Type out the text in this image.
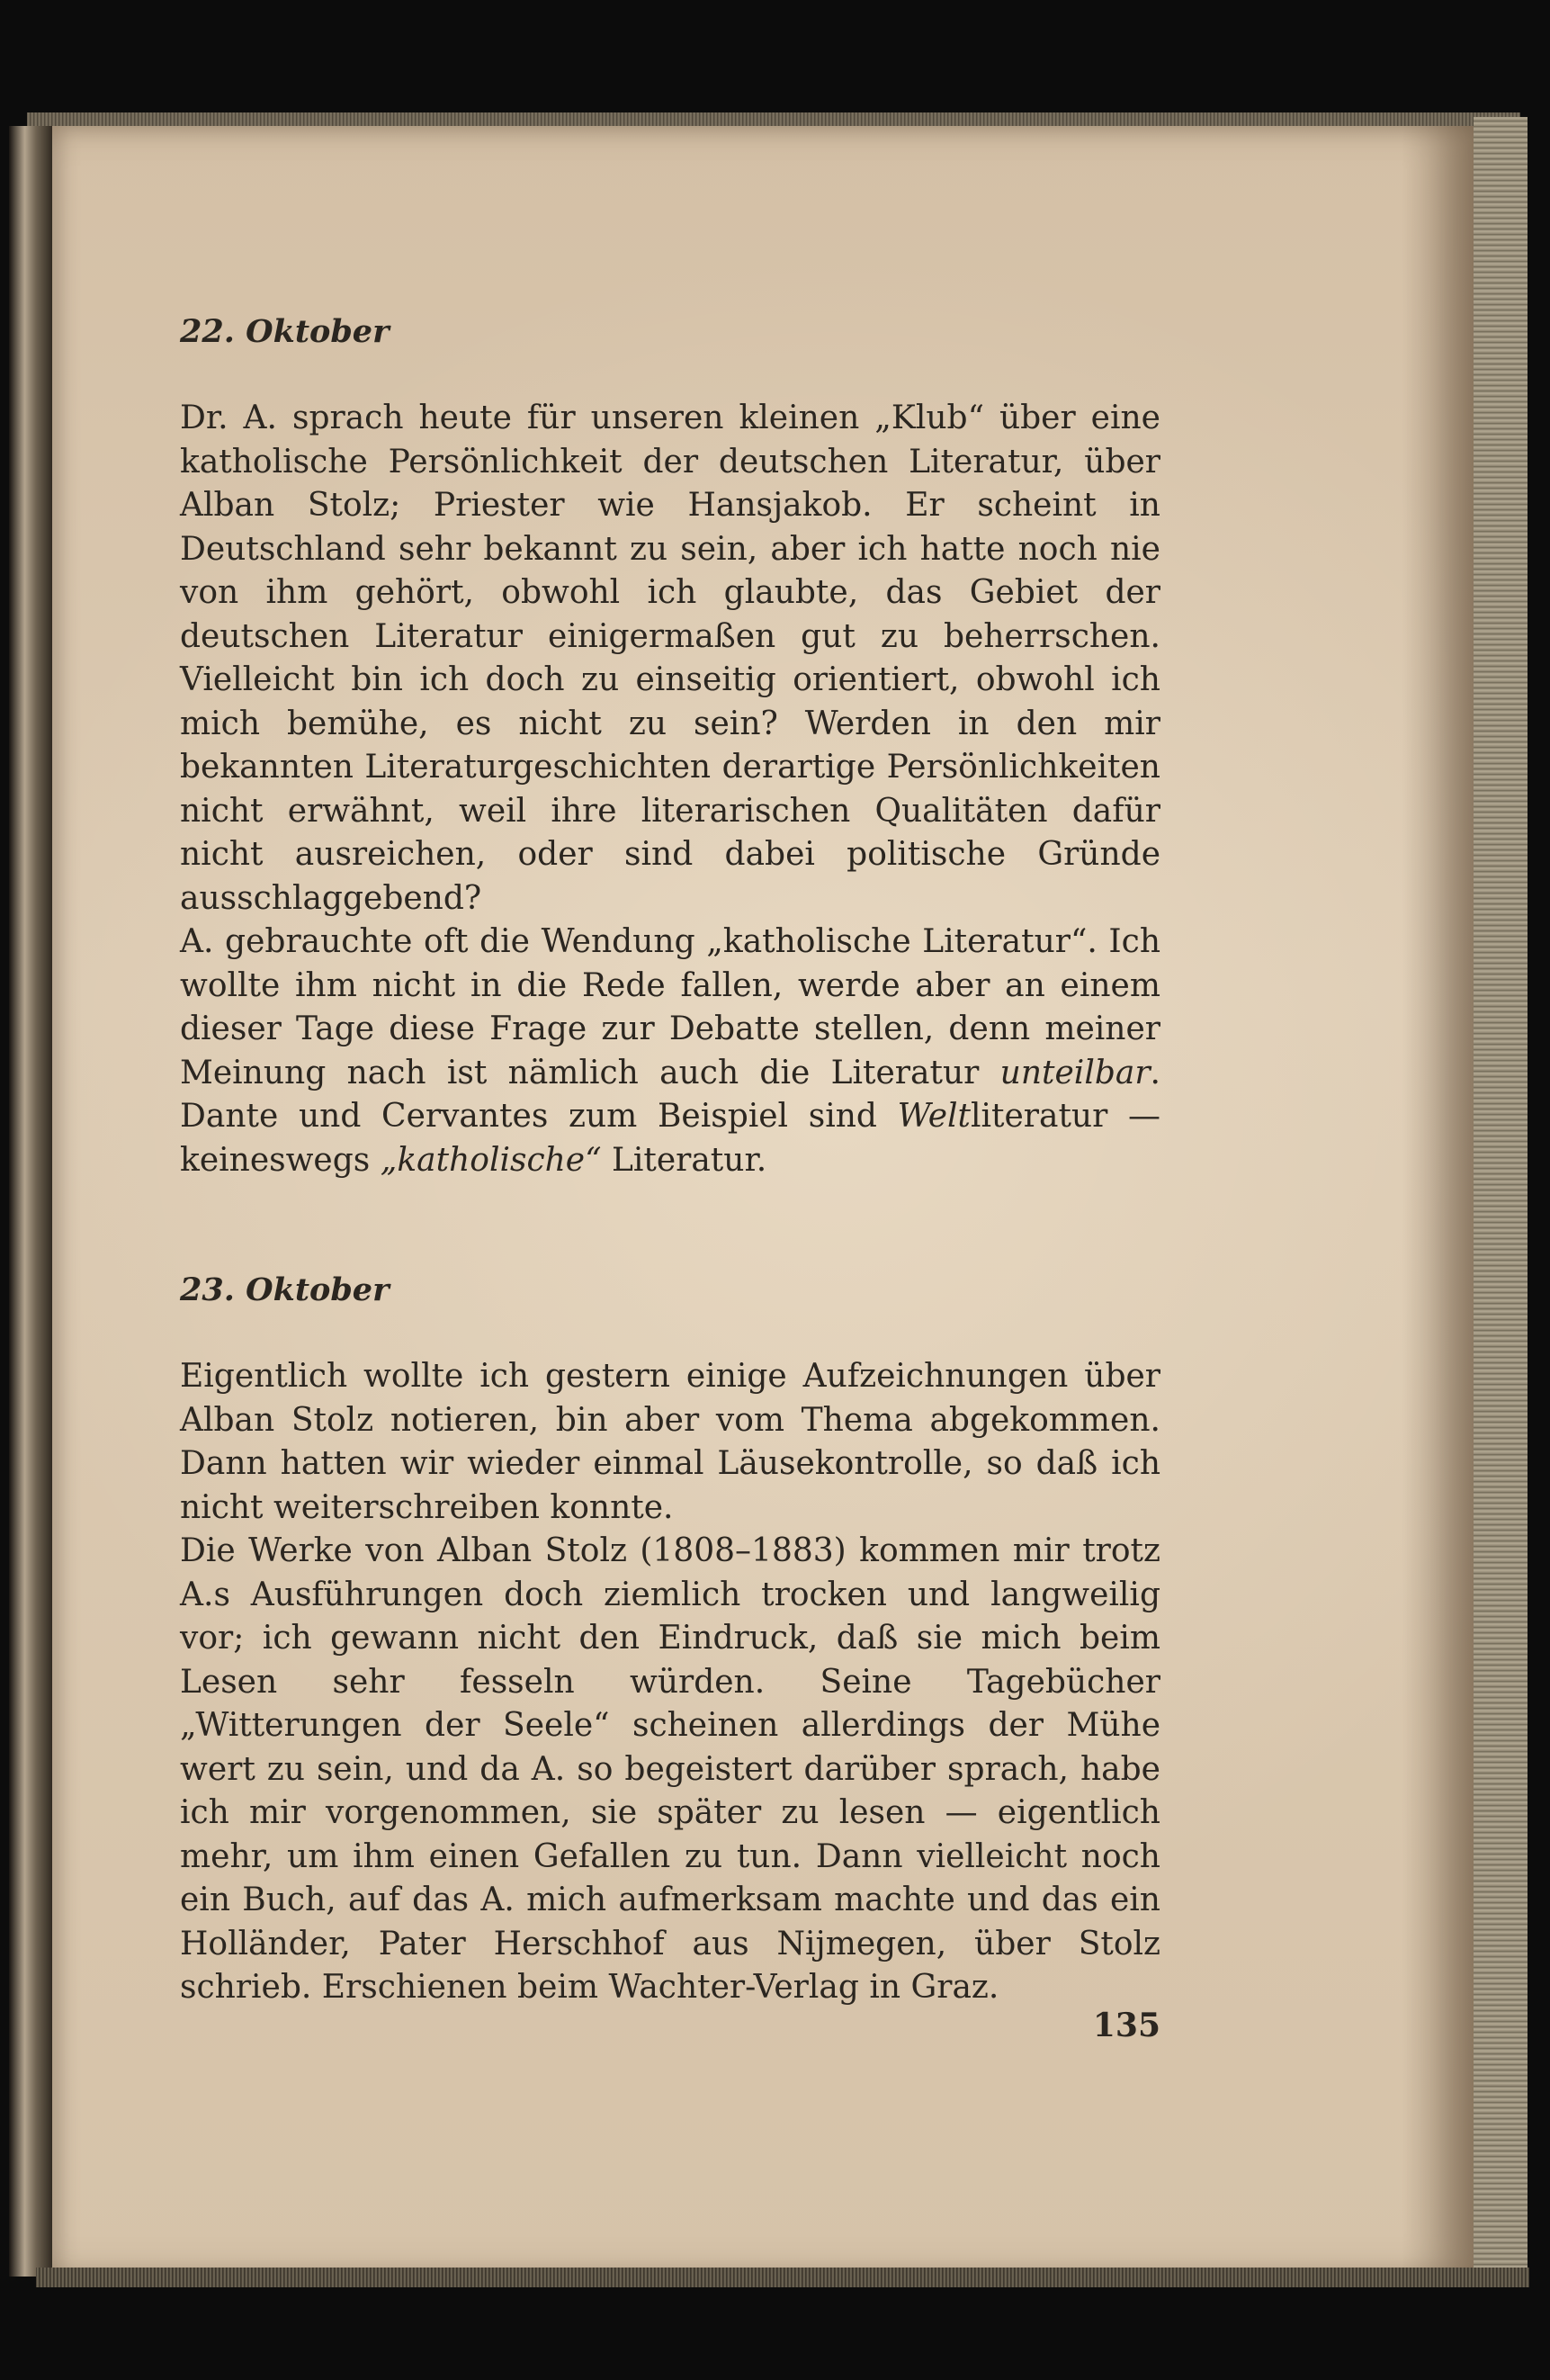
22. Oktober

Dr. A. sprach heute für unseren kleinen „Klub“ über eine katholische Persönlichkeit der deutschen Literatur, über Alban Stolz; Priester wie Hansjakob. Er scheint in Deutschland sehr bekannt zu sein, aber ich hatte noch nie von ihm gehört, obwohl ich glaubte, das Gebiet der deutschen Literatur einigermaßen gut zu beherrschen. Vielleicht bin ich doch zu einseitig orientiert, obwohl ich mich bemühe, es nicht zu sein? Werden in den mir bekannten Literaturgeschichten derartige Persönlichkeiten nicht erwähnt, weil ihre literarischen Qualitäten dafür nicht ausreichen, oder sind dabei politische Gründe ausschlaggebend?

A. gebrauchte oft die Wendung „katholische Literatur“. Ich wollte ihm nicht in die Rede fallen, werde aber an einem dieser Tage diese Frage zur Debatte stellen, denn meiner Meinung nach ist nämlich auch die Literatur unteilbar. Dante und Cervantes zum Beispiel sind Weltliteratur — keineswegs „katholische“ Literatur.

23. Oktober

Eigentlich wollte ich gestern einige Aufzeichnungen über Alban Stolz notieren, bin aber vom Thema abgekommen. Dann hatten wir wieder einmal Läusekontrolle, so daß ich nicht weiterschreiben konnte.

Die Werke von Alban Stolz (1808–1883) kommen mir trotz A.s Ausführungen doch ziemlich trocken und langweilig vor; ich gewann nicht den Eindruck, daß sie mich beim Lesen sehr fesseln würden. Seine Tagebücher „Witterungen der Seele“ scheinen allerdings der Mühe wert zu sein, und da A. so begeistert darüber sprach, habe ich mir vorgenommen, sie später zu lesen — eigentlich mehr, um ihm einen Gefallen zu tun. Dann vielleicht noch ein Buch, auf das A. mich aufmerksam machte und das ein Holländer, Pater Herschhof aus Nijmegen, über Stolz schrieb. Erschienen beim Wachter-Verlag in Graz.

135
